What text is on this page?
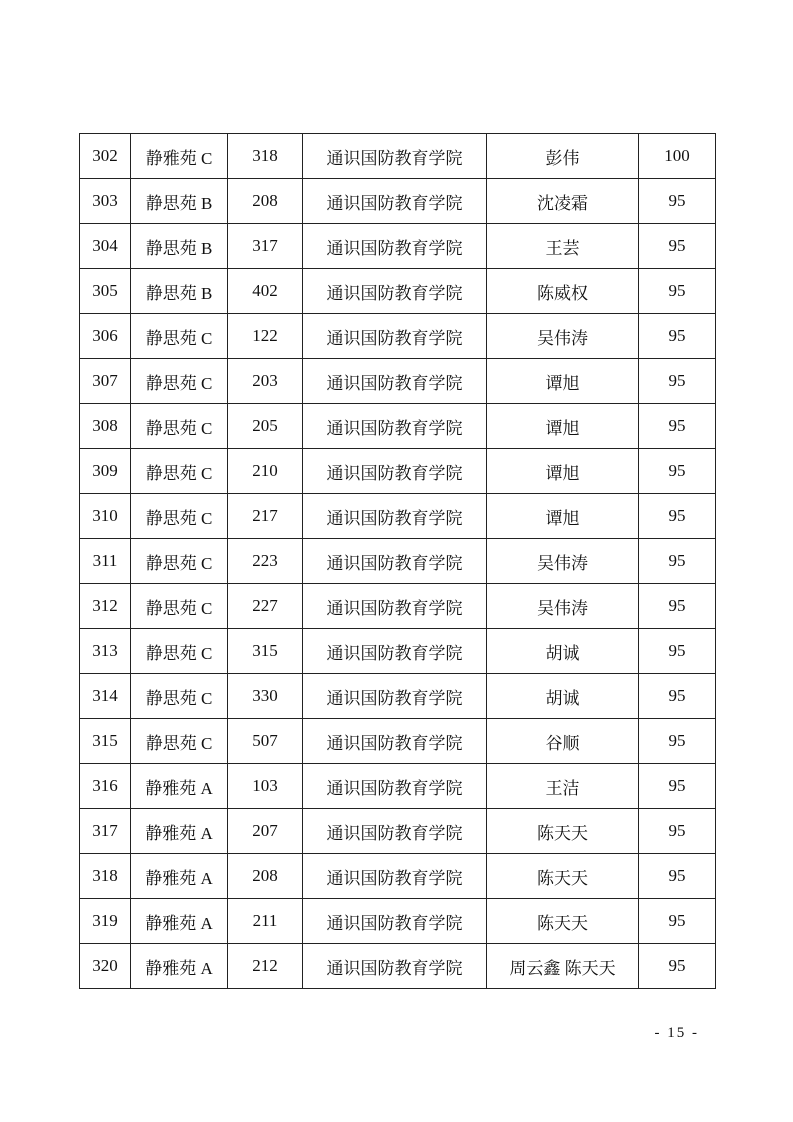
302	静雅苑 C	318	通识国防教育学院	彭伟	100
303	静思苑 B	208	通识国防教育学院	沈凌霜	95
304	静思苑 B	317	通识国防教育学院	王芸	95
305	静思苑 B	402	通识国防教育学院	陈威权	95
306	静思苑 C	122	通识国防教育学院	吴伟涛	95
307	静思苑 C	203	通识国防教育学院	谭旭	95
308	静思苑 C	205	通识国防教育学院	谭旭	95
309	静思苑 C	210	通识国防教育学院	谭旭	95
310	静思苑 C	217	通识国防教育学院	谭旭	95
311	静思苑 C	223	通识国防教育学院	吴伟涛	95
312	静思苑 C	227	通识国防教育学院	吴伟涛	95
313	静思苑 C	315	通识国防教育学院	胡诚	95
314	静思苑 C	330	通识国防教育学院	胡诚	95
315	静思苑 C	507	通识国防教育学院	谷顺	95
316	静雅苑 A	103	通识国防教育学院	王洁	95
317	静雅苑 A	207	通识国防教育学院	陈天天	95
318	静雅苑 A	208	通识国防教育学院	陈天天	95
319	静雅苑 A	211	通识国防教育学院	陈天天	95
320	静雅苑 A	212	通识国防教育学院	周云鑫 陈天天	95
- 15 -
